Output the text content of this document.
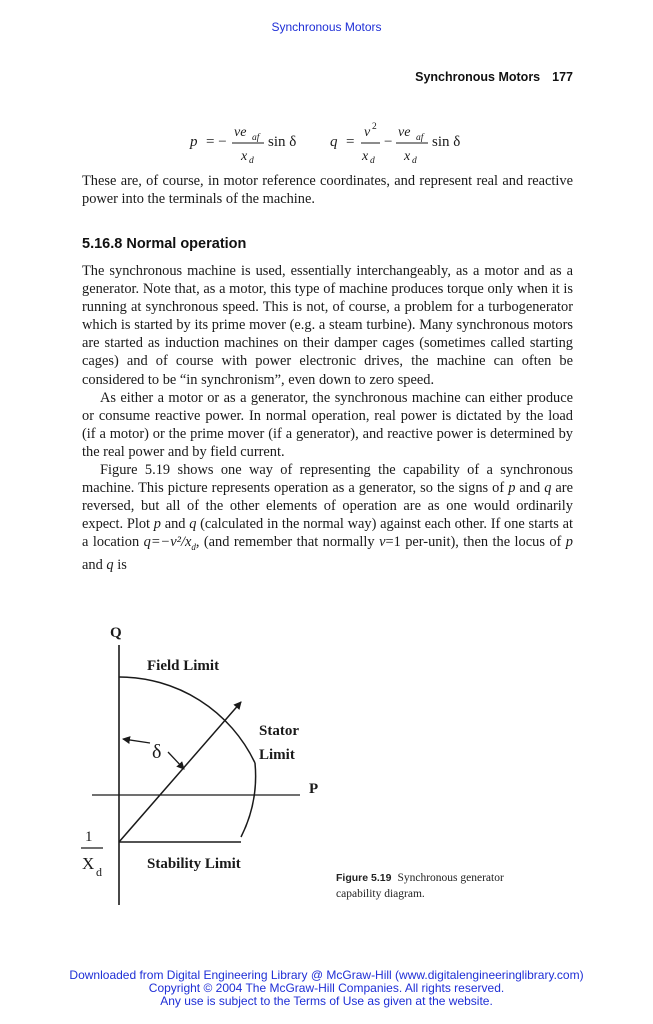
Synchronous Motors
Synchronous Motors 177
p = −
ve af
x d
sin δ q =
v 2
x d
−
ve af
x d
sin δ

These are, of course, in motor reference coordinates, and represent real and reactive power into the terminals of the machine.

5.16.8 Normal operation

The synchronous machine is used, essentially interchangeably, as a motor and as a generator. Note that, as a motor, this type of machine produces torque only when it is running at synchronous speed. This is not, of course, a problem for a turbogenerator which is started by its prime mover (e.g. a steam turbine). Many synchronous motors are started as induction machines on their damper cages (sometimes called starting cages) and of course with power electronic drives, the machine can often be considered to be “in synchronism”, even down to zero speed.

As either a motor or as a generator, the synchronous machine can either produce or consume reactive power. In normal operation, real power is dictated by the load (if a motor) or the prime mover (if a generator), and reactive power is determined by the real power and by field current.

Figure 5.19 shows one way of representing the capability of a synchronous machine. This picture represents operation as a generator, so the signs of p and q are reversed, but all of the other elements of operation are as one would ordinarily expect. Plot p and q (calculated in the normal way) against each other. If one starts at a location $q=-v^2/x_d$, (and remember that normally v=1 per-unit), then the locus of p and q is

Q
P
δ
Field Limit
Stator
Limit
Stability Limit
1
X d	Figure 5.19 Synchronous generator capability diagram.
Downloaded from Digital Engineering Library @ McGraw-Hill (www.digitalengineeringlibrary.com)
Copyright © 2004 The McGraw-Hill Companies. All rights reserved.
Any use is subject to the Terms of Use as given at the website.
